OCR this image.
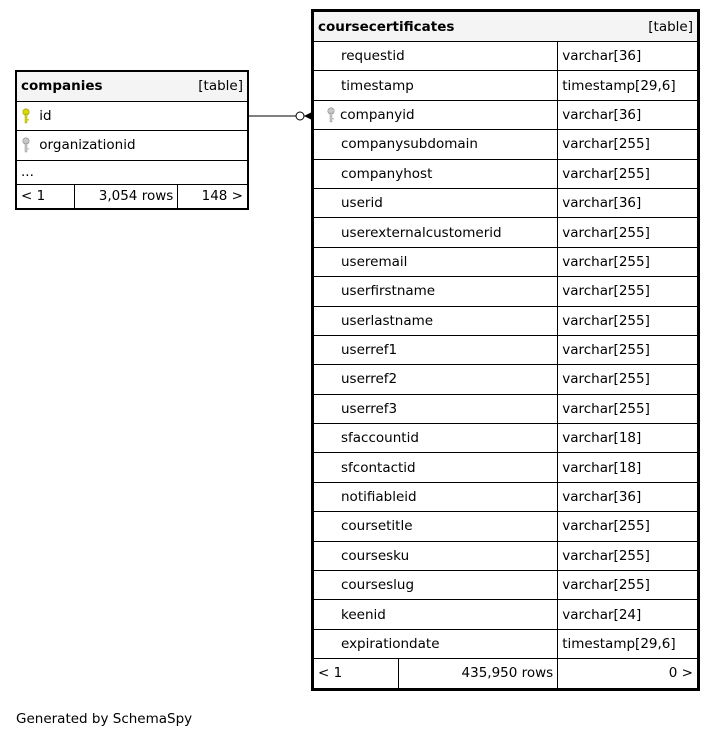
companies	[table]

id

organizationid
...
< 1	3,054 rows	148 >
coursecertificates [table]		

requestid		varchar[36]
timestamp		timestamp[29,6]

companyid		varchar[36]
companysubdomain		varchar[255]
companyhost		varchar[255]
userid		varchar[36]
userexternalcustomerid		varchar[255]
useremail		varchar[255]
userfirstname		varchar[255]
userlastname		varchar[255]
userref1		varchar[255]
userref2		varchar[255]
userref3		varchar[255]
sfaccountid		varchar[18]
sfcontactid		varchar[18]
notifiableid		varchar[36]
coursetitle		varchar[255]
coursesku		varchar[255]
courseslug		varchar[255]
keenid		varchar[24]
expirationdate		timestamp[29,6]
< 1	435,950 rows	0 >
Generated by SchemaSpy
